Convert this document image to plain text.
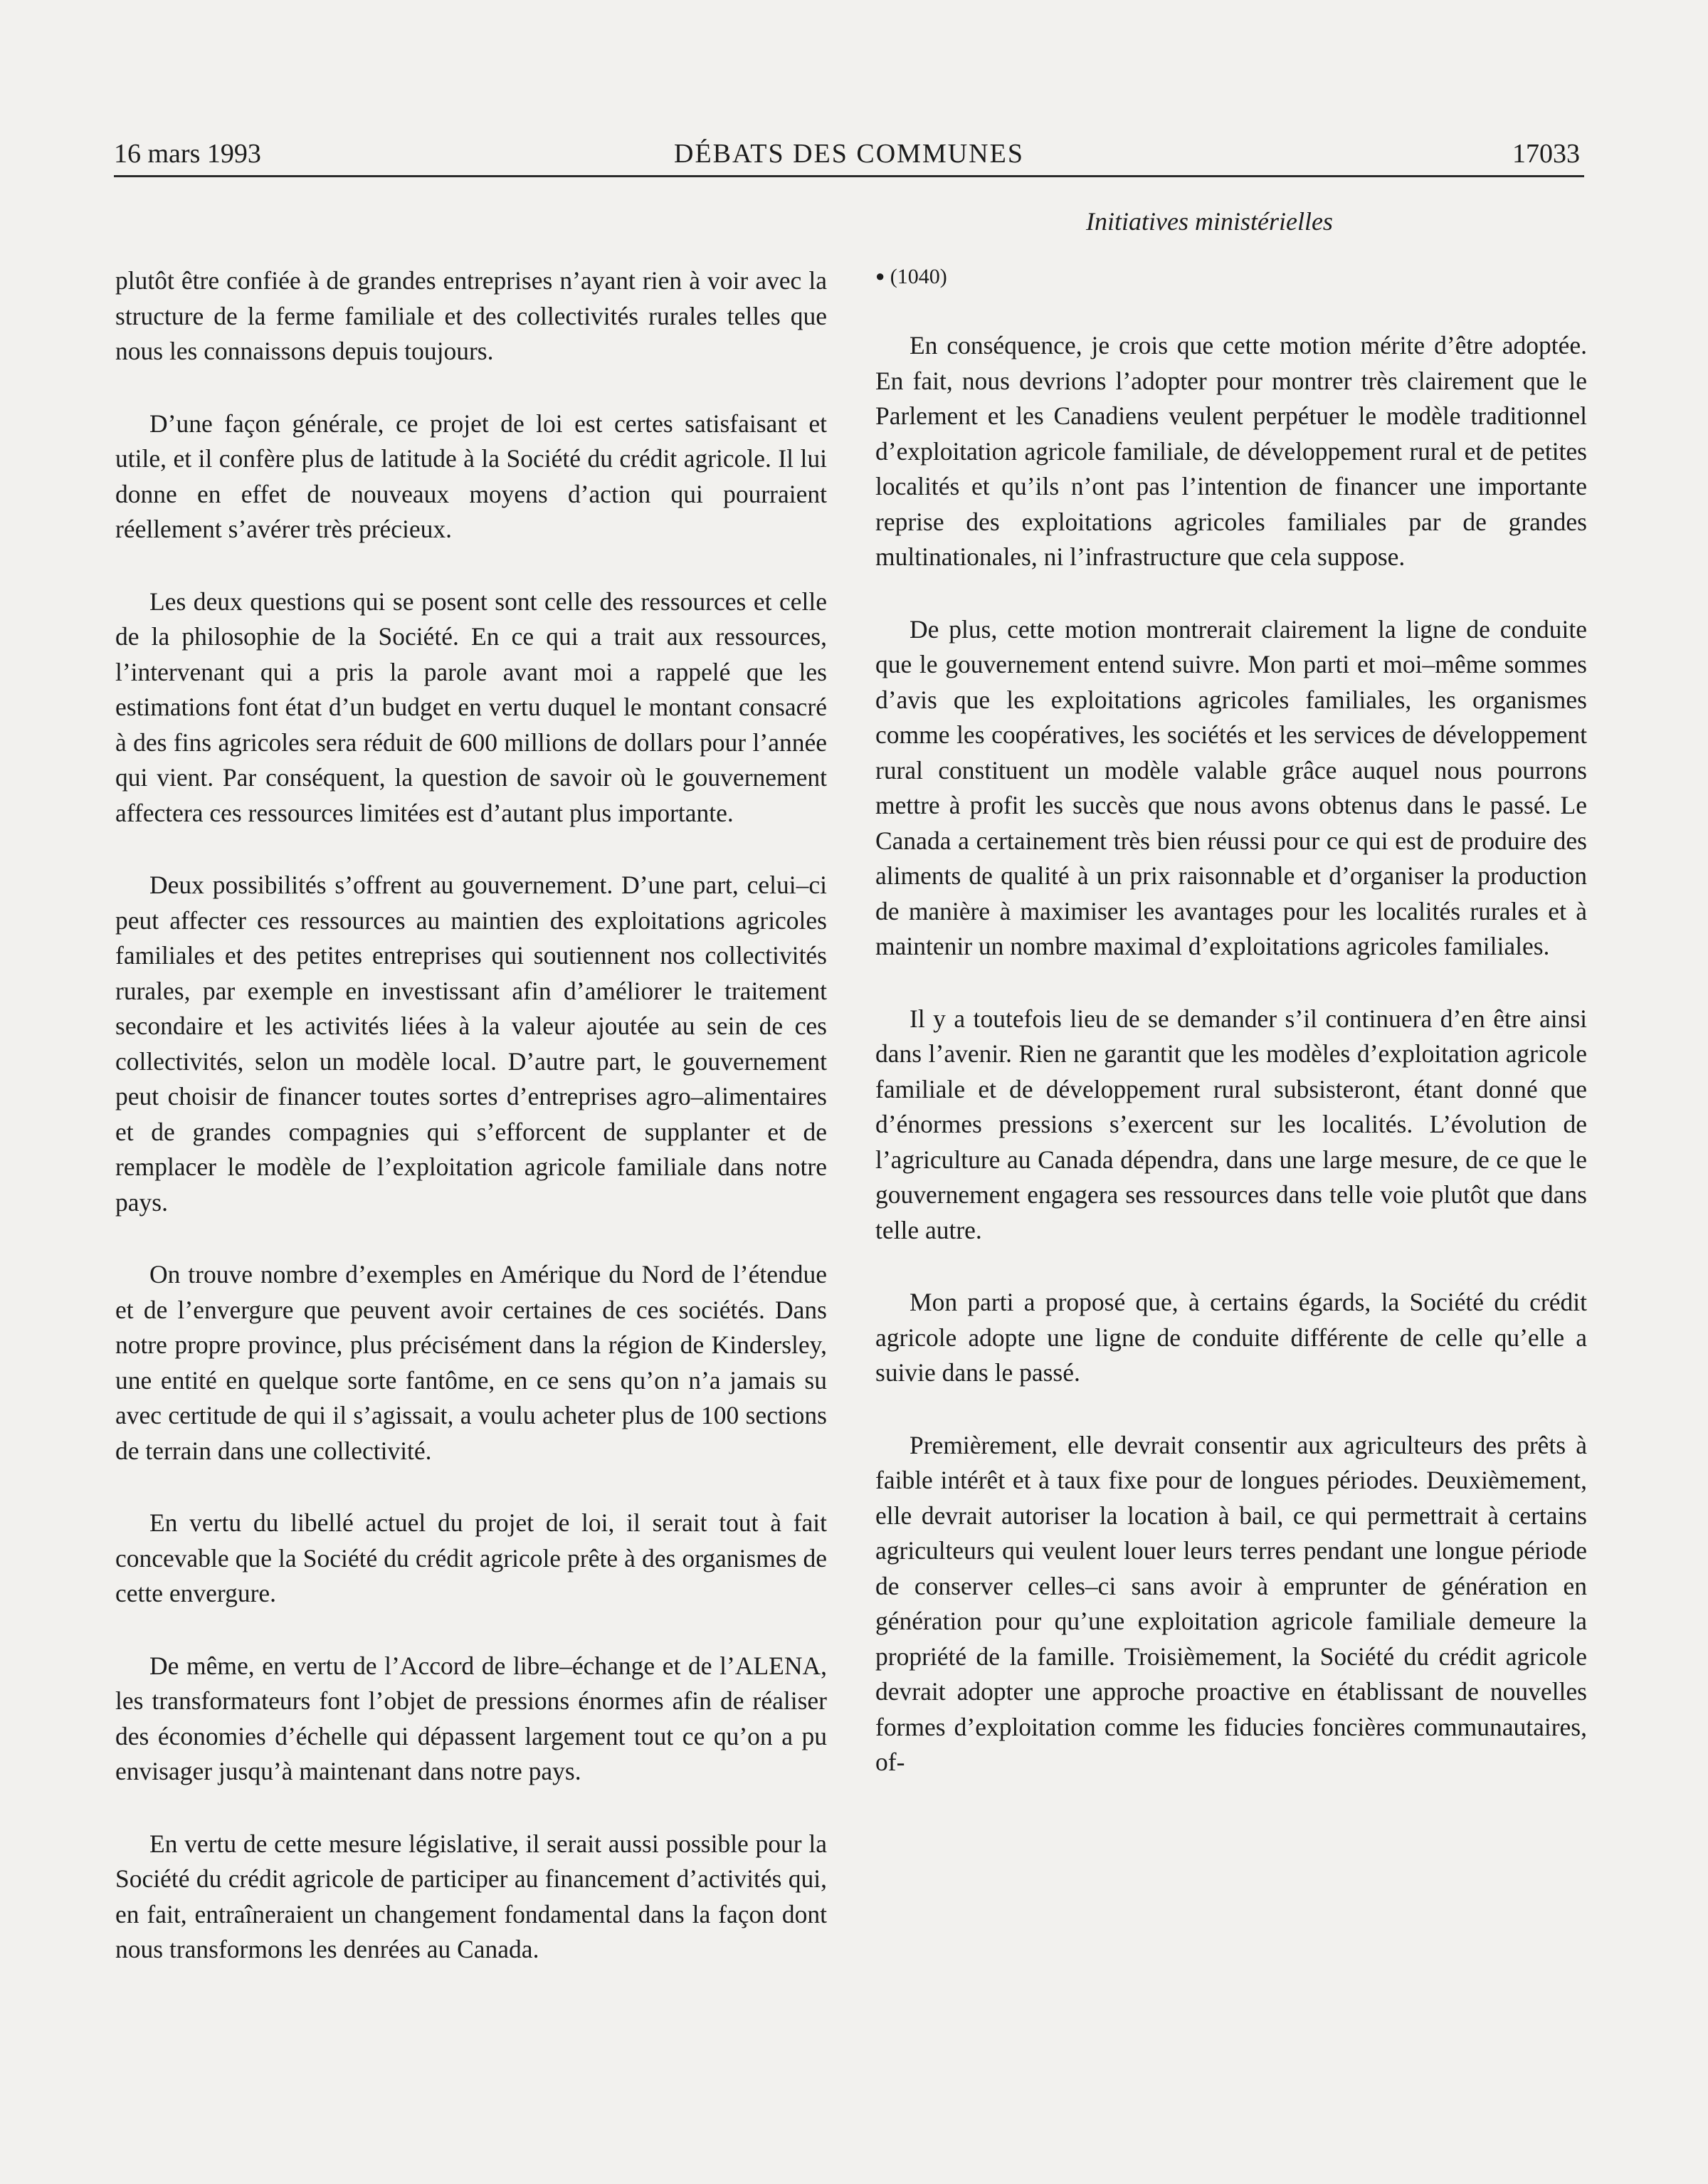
16 mars 1993	DÉBATS DES COMMUNES	17033
Initiatives ministérielles

plutôt être confiée à de grandes entreprises n’ayant rien à voir avec la structure de la ferme familiale et des collectivités rurales telles que nous les connaissons depuis toujours.

D’une façon générale, ce projet de loi est certes satisfaisant et utile, et il confère plus de latitude à la Société du crédit agricole. Il lui donne en effet de nouveaux moyens d’action qui pourraient réellement s’avérer très précieux.

Les deux questions qui se posent sont celle des ressources et celle de la philosophie de la Société. En ce qui a trait aux ressources, l’intervenant qui a pris la parole avant moi a rappelé que les estimations font état d’un budget en vertu duquel le montant consacré à des fins agricoles sera réduit de 600 millions de dollars pour l’année qui vient. Par conséquent, la question de savoir où le gouvernement affectera ces ressources limitées est d’autant plus importante.

Deux possibilités s’offrent au gouvernement. D’une part, celui–ci peut affecter ces ressources au maintien des exploitations agricoles familiales et des petites entreprises qui soutiennent nos collectivités rurales, par exemple en investissant afin d’améliorer le traitement secondaire et les activités liées à la valeur ajoutée au sein de ces collectivités, selon un modèle local. D’autre part, le gouvernement peut choisir de financer toutes sortes d’entreprises agro–alimentaires et de grandes compagnies qui s’efforcent de supplanter et de remplacer le modèle de l’exploitation agricole familiale dans notre pays.

On trouve nombre d’exemples en Amérique du Nord de l’étendue et de l’envergure que peuvent avoir certaines de ces sociétés. Dans notre propre province, plus précisément dans la région de Kindersley, une entité en quelque sorte fantôme, en ce sens qu’on n’a jamais su avec certitude de qui il s’agissait, a voulu acheter plus de 100 sections de terrain dans une collectivité.

En vertu du libellé actuel du projet de loi, il serait tout à fait concevable que la Société du crédit agricole prête à des organismes de cette envergure.

De même, en vertu de l’Accord de libre–échange et de l’ALENA, les transformateurs font l’objet de pressions énormes afin de réaliser des économies d’échelle qui dépassent largement tout ce qu’on a pu envisager jusqu’à maintenant dans notre pays.

En vertu de cette mesure législative, il serait aussi possible pour la Société du crédit agricole de participer au financement d’activités qui, en fait, entraîneraient un changement fondamental dans la façon dont nous transformons les denrées au Canada.

● (1040)

En conséquence, je crois que cette motion mérite d’être adoptée. En fait, nous devrions l’adopter pour montrer très clairement que le Parlement et les Canadiens veulent perpétuer le modèle traditionnel d’exploitation agricole familiale, de développement rural et de petites localités et qu’ils n’ont pas l’intention de financer une importante reprise des exploitations agricoles familiales par de grandes multinationales, ni l’infrastructure que cela suppose.

De plus, cette motion montrerait clairement la ligne de conduite que le gouvernement entend suivre. Mon parti et moi–même sommes d’avis que les exploitations agricoles familiales, les organismes comme les coopératives, les sociétés et les services de développement rural constituent un modèle valable grâce auquel nous pourrons mettre à profit les succès que nous avons obtenus dans le passé. Le Canada a certainement très bien réussi pour ce qui est de produire des aliments de qualité à un prix raisonnable et d’organiser la production de manière à maximiser les avantages pour les localités rurales et à maintenir un nombre maximal d’exploitations agricoles familiales.

Il y a toutefois lieu de se demander s’il continuera d’en être ainsi dans l’avenir. Rien ne garantit que les modèles d’exploitation agricole familiale et de développement rural subsisteront, étant donné que d’énormes pressions s’exercent sur les localités. L’évolution de l’agriculture au Canada dépendra, dans une large mesure, de ce que le gouvernement engagera ses ressources dans telle voie plutôt que dans telle autre.

Mon parti a proposé que, à certains égards, la Société du crédit agricole adopte une ligne de conduite différente de celle qu’elle a suivie dans le passé.

Premièrement, elle devrait consentir aux agriculteurs des prêts à faible intérêt et à taux fixe pour de longues périodes. Deuxièmement, elle devrait autoriser la location à bail, ce qui permettrait à certains agriculteurs qui veulent louer leurs terres pendant une longue période de conserver celles–ci sans avoir à emprunter de génération en génération pour qu’une exploitation agricole familiale demeure la propriété de la famille. Troisièmement, la Société du crédit agricole devrait adopter une approche proactive en établissant de nouvelles formes d’exploitation comme les fiducies foncières communautaires, of-
